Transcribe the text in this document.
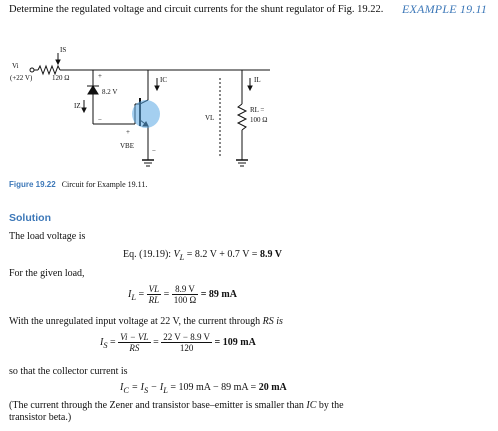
Determine the regulated voltage and circuit currents for the shunt regulator of Fig. 19.22.	EXAMPLE 19.11
Vi
(+22 V)	120 Ω
IS
8.2 V
IZ
IC
VBE
VL
IL
RL =
100 Ω
+
+
−
−
Figure 19.22 Circuit for Example 19.11.
Solution
The load voltage is
Eq. (19.19): $V_L = 8.2$ V + 0.7 V = 8.9 V
For the given load,
$I_L = \frac{VL}{RL} = \frac{8.9 V}{100 \Omega} = 89$ mA
With the unregulated input voltage at 22 V, the current through RS is
$I_S = \frac{Vi - VL}{RS} = \frac{22 V - 8.9 V}{120} = 109$ mA
so that the collector current is
$I_C = I_S - I_L = 109$ mA − 89 mA = 20 mA
(The current through the Zener and transistor base–emitter is smaller than IC by the
transistor beta.)
